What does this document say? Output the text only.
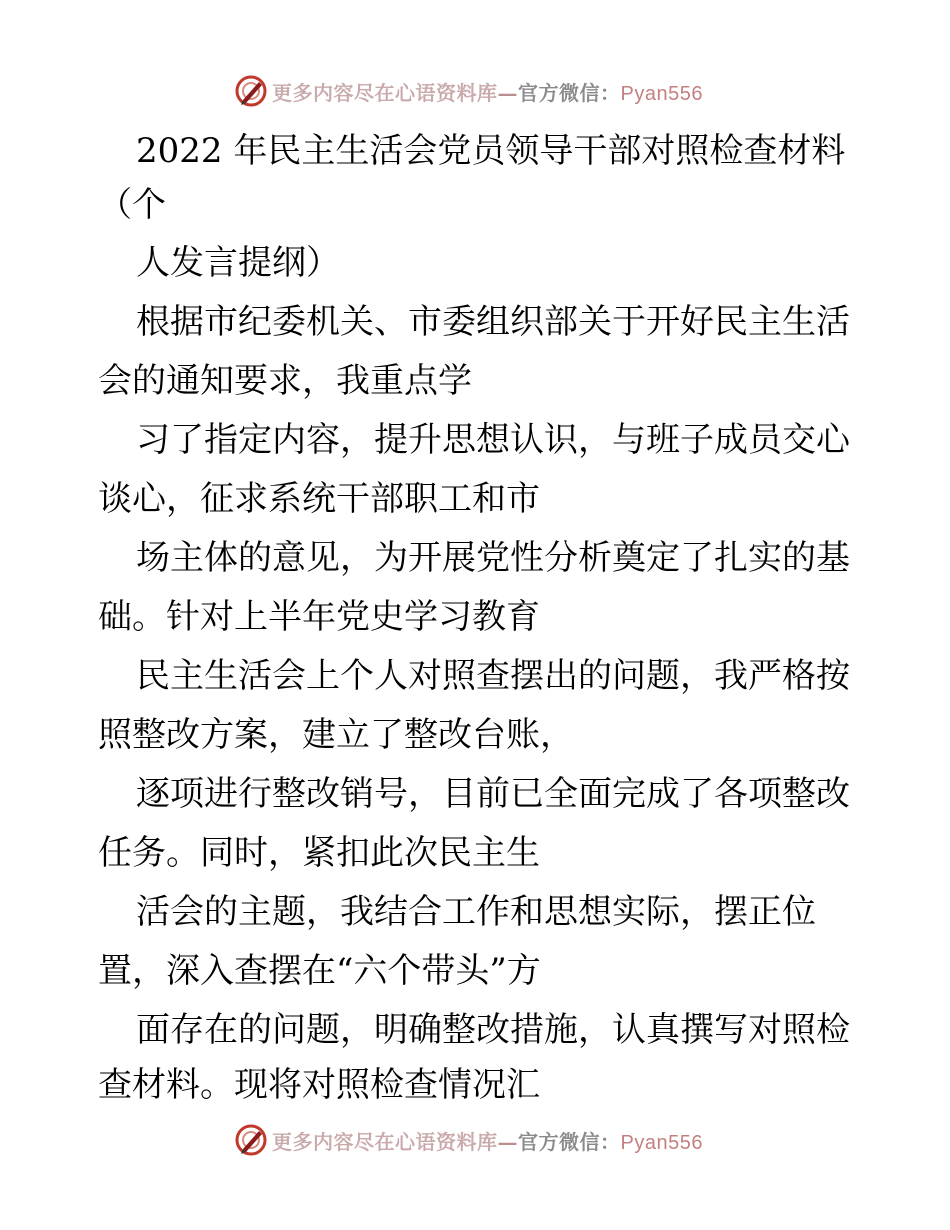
更多内容尽在心语资料库—官方微信：Pyan556
2022 年民主生活会党员领导干部对照检查材料
（个
人发言提纲）
根据市纪委机关、市委组织部关于开好民主生活
会的通知要求，我重点学
习了指定内容，提升思想认识，与班子成员交心
谈心，征求系统干部职工和市
场主体的意见，为开展党性分析奠定了扎实的基
础。针对上半年党史学习教育
民主生活会上个人对照查摆出的问题，我严格按
照整改方案，建立了整改台账，
逐项进行整改销号，目前已全面完成了各项整改
任务。同时，紧扣此次民主生
活会的主题，我结合工作和思想实际，摆正位
置，深入查摆在“六个带头”方
面存在的问题，明确整改措施，认真撰写对照检
查材料。现将对照检查情况汇
更多内容尽在心语资料库—官方微信：Pyan556
